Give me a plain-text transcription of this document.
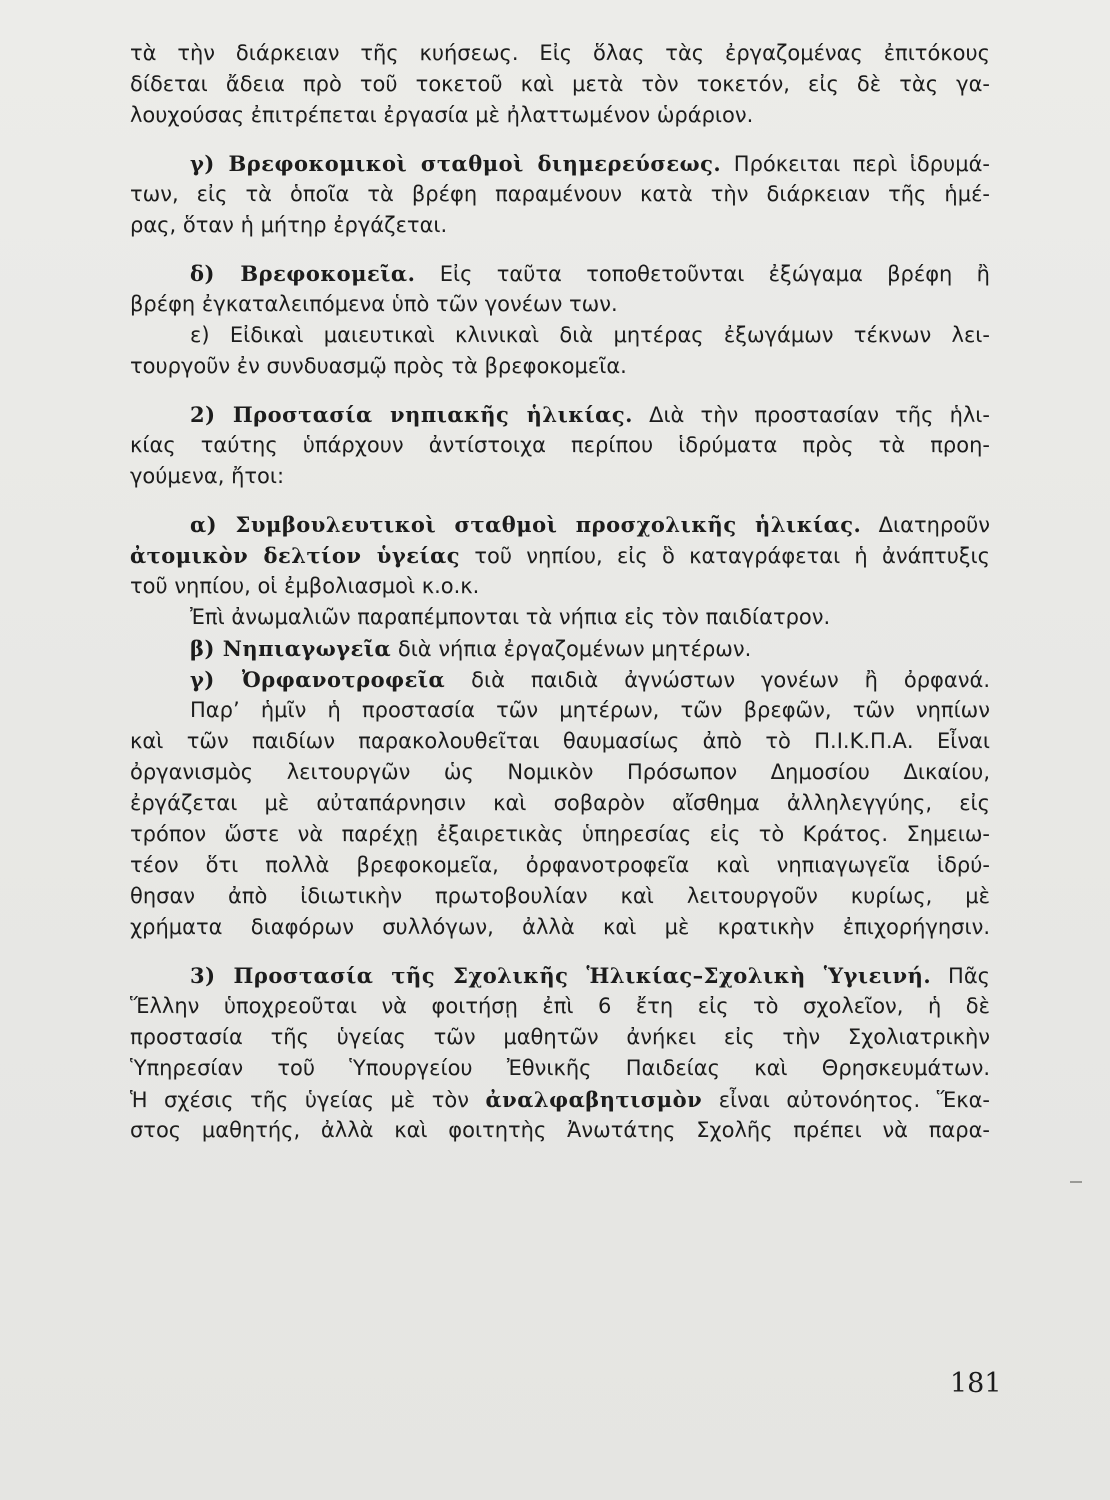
τὰ τὴν διάρκειαν τῆς κυήσεως. Εἰς ὅλας τὰς ἐργαζομένας ἐπιτόκους
δίδεται ἄδεια πρὸ τοῦ τοκετοῦ καὶ μετὰ τὸν τοκετόν, εἰς δὲ τὰς γα-
λουχούσας ἐπιτρέπεται ἐργασία μὲ ἠλαττωμένον ὡράριον.
γ) Βρεφοκομικοὶ σταθμοὶ διημερεύσεως. Πρόκειται περὶ ἱδρυμά-
των, εἰς τὰ ὁποῖα τὰ βρέφη παραμένουν κατὰ τὴν διάρκειαν τῆς ἡμέ-
ρας, ὅταν ἡ μήτηρ ἐργάζεται.
δ) Βρεφοκομεῖα. Εἰς ταῦτα τοποθετοῦνται ἐξώγαμα βρέφη ἢ
βρέφη ἐγκαταλειπόμενα ὑπὸ τῶν γονέων των.
ε) Εἰδικαὶ μαιευτικαὶ κλινικαὶ διὰ μητέρας ἐξωγάμων τέκνων λει-
τουργοῦν ἐν συνδυασμῷ πρὸς τὰ βρεφοκομεῖα.
2) Προστασία νηπιακῆς ἡλικίας. Διὰ τὴν προστασίαν τῆς ἡλι-
κίας ταύτης ὑπάρχουν ἀντίστοιχα περίπου ἱδρύματα πρὸς τὰ προη-
γούμενα, ἤτοι:
α) Συμβουλευτικοὶ σταθμοὶ προσχολικῆς ἡλικίας. Διατηροῦν
ἀτομικὸν δελτίον ὑγείας τοῦ νηπίου, εἰς ὃ καταγράφεται ἡ ἀνάπτυξις
τοῦ νηπίου, οἱ ἐμβολιασμοὶ κ.ο.κ.
Ἐπὶ ἀνωμαλιῶν παραπέμπονται τὰ νήπια εἰς τὸν παιδίατρον.
β) Νηπιαγωγεῖα διὰ νήπια ἐργαζομένων μητέρων.
γ) Ὀρφανοτροφεῖα διὰ παιδιὰ ἀγνώστων γονέων ἢ ὀρφανά.
Παρ’ ἡμῖν ἡ προστασία τῶν μητέρων, τῶν βρεφῶν, τῶν νηπίων
καὶ τῶν παιδίων παρακολουθεῖται θαυμασίως ἀπὸ τὸ Π.Ι.Κ.Π.Α. Εἶναι
ὀργανισμὸς λειτουργῶν ὡς Νομικὸν Πρόσωπον Δημοσίου Δικαίου,
ἐργάζεται μὲ αὐταπάρνησιν καὶ σοβαρὸν αἴσθημα ἀλληλεγγύης, εἰς
τρόπον ὥστε νὰ παρέχῃ ἐξαιρετικὰς ὑπηρεσίας εἰς τὸ Κράτος. Σημειω-
τέον ὅτι πολλὰ βρεφοκομεῖα, ὀρφανοτροφεῖα καὶ νηπιαγωγεῖα ἱδρύ-
θησαν ἀπὸ ἰδιωτικὴν πρωτοβουλίαν καὶ λειτουργοῦν κυρίως, μὲ
χρήματα διαφόρων συλλόγων, ἀλλὰ καὶ μὲ κρατικὴν ἐπιχορήγησιν.
3) Προστασία τῆς Σχολικῆς Ἡλικίας–Σχολικὴ Ὑγιεινή. Πᾶς
Ἕλλην ὑποχρεοῦται νὰ φοιτήσῃ ἐπὶ 6 ἔτη εἰς τὸ σχολεῖον, ἡ δὲ
προστασία τῆς ὑγείας τῶν μαθητῶν ἀνήκει εἰς τὴν Σχολιατρικὴν
Ὑπηρεσίαν τοῦ Ὑπουργείου Ἐθνικῆς Παιδείας καὶ Θρησκευμάτων.
Ἡ σχέσις τῆς ὑγείας μὲ τὸν ἀναλφαβητισμὸν εἶναι αὐτονόητος. Ἕκα-
στος μαθητής, ἀλλὰ καὶ φοιτητὴς Ἀνωτάτης Σχολῆς πρέπει νὰ παρα-
181
